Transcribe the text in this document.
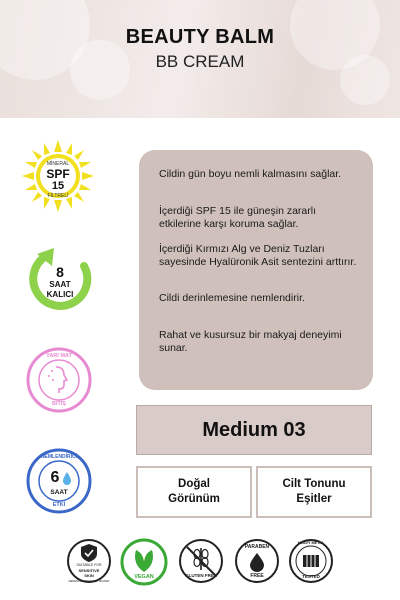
BEAUTY BALM
BB CREAM
MİNERAL
SPF
15
FİLTRELİ
8
SAAT
KALICI
YARI MAT
BİTİŞ
NEMLENDİRİCİ
6
SAAT
ETKİ

Cildin gün boyu nemli kalmasını sağlar.

İçerdiği SPF 15 ile güneşin zararlı etkilerine karşı koruma sağlar.

İçerdiği Kırmızı Alg ve Deniz Tuzları sayesinde Hyalüronik Asit sentezini arttırır.

Cildi derinlemesine nemlendirir.

Rahat ve kusursuz bir makyaj deneyimi sunar.

Medium 03
Doğal
Görünüm
Cilt Tonunu
Eşitler
SUITABLE FOR
SENSITIVE
SKIN
DERMATOLOGICALLY TESTED
VEGAN	GLUTEN FREE
PARABEN
FREE
HEAVY METAL
TESTED
